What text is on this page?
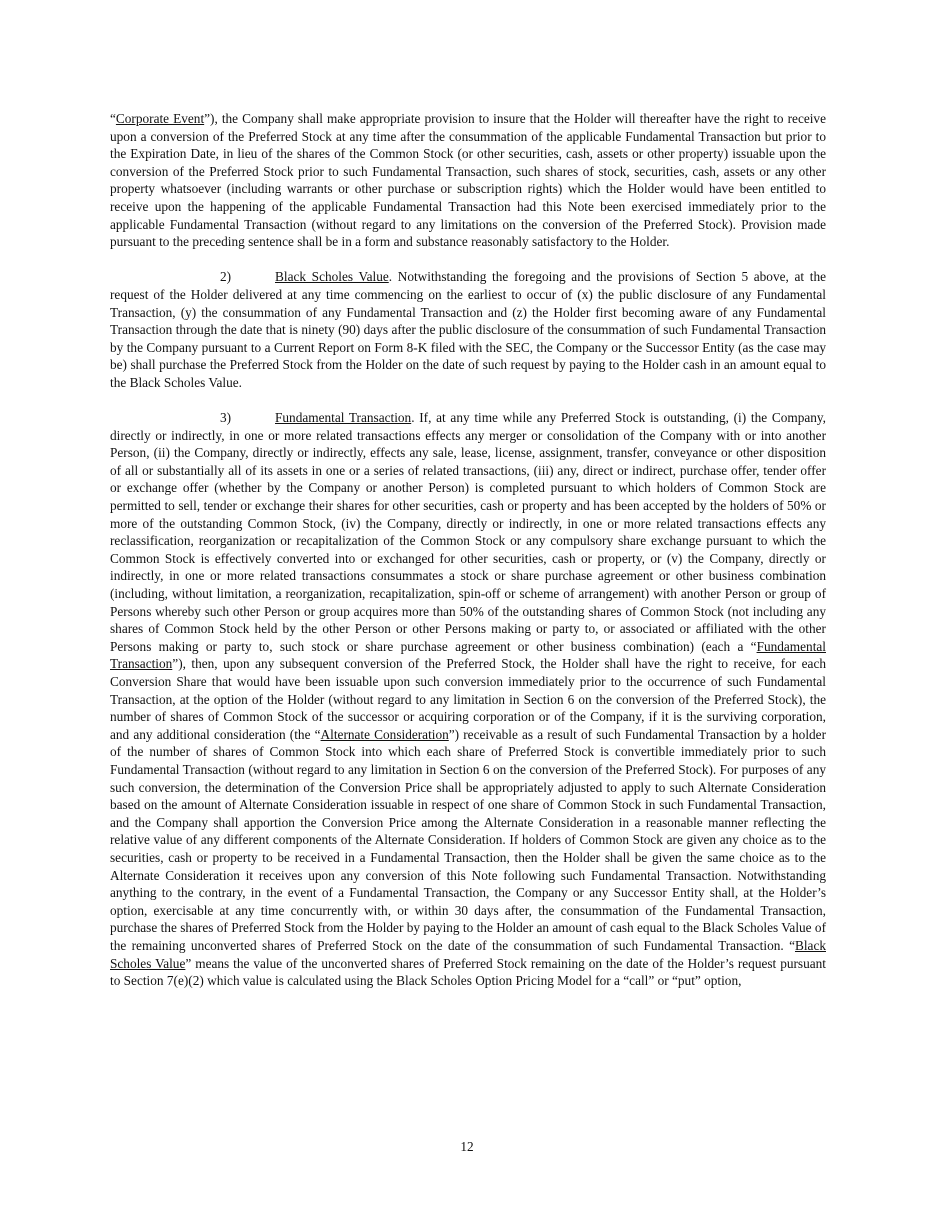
“Corporate Event”), the Company shall make appropriate provision to insure that the Holder will thereafter have the right to receive upon a conversion of the Preferred Stock at any time after the consummation of the applicable Fundamental Transaction but prior to the Expiration Date, in lieu of the shares of the Common Stock (or other securities, cash, assets or other property) issuable upon the conversion of the Preferred Stock prior to such Fundamental Transaction, such shares of stock, securities, cash, assets or any other property whatsoever (including warrants or other purchase or subscription rights) which the Holder would have been entitled to receive upon the happening of the applicable Fundamental Transaction had this Note been exercised immediately prior to the applicable Fundamental Transaction (without regard to any limitations on the conversion of the Preferred Stock). Provision made pursuant to the preceding sentence shall be in a form and substance reasonably satisfactory to the Holder.

2)	Black Scholes Value. Notwithstanding the foregoing and the provisions of Section 5 above, at the request of the Holder delivered at any time commencing on the earliest to occur of (x) the public disclosure of any Fundamental Transaction, (y) the consummation of any Fundamental Transaction and (z) the Holder first becoming aware of any Fundamental Transaction through the date that is ninety (90) days after the public disclosure of the consummation of such Fundamental Transaction by the Company pursuant to a Current Report on Form 8-K filed with the SEC, the Company or the Successor Entity (as the case may be) shall purchase the Preferred Stock from the Holder on the date of such request by paying to the Holder cash in an amount equal to the Black Scholes Value.

3)	Fundamental Transaction. If, at any time while any Preferred Stock is outstanding, (i) the Company, directly or indirectly, in one or more related transactions effects any merger or consolidation of the Company with or into another Person, (ii) the Company, directly or indirectly, effects any sale, lease, license, assignment, transfer, conveyance or other disposition of all or substantially all of its assets in one or a series of related transactions, (iii) any, direct or indirect, purchase offer, tender offer or exchange offer (whether by the Company or another Person) is completed pursuant to which holders of Common Stock are permitted to sell, tender or exchange their shares for other securities, cash or property and has been accepted by the holders of 50% or more of the outstanding Common Stock, (iv) the Company, directly or indirectly, in one or more related transactions effects any reclassification, reorganization or recapitalization of the Common Stock or any compulsory share exchange pursuant to which the Common Stock is effectively converted into or exchanged for other securities, cash or property, or (v) the Company, directly or indirectly, in one or more related transactions consummates a stock or share purchase agreement or other business combination (including, without limitation, a reorganization, recapitalization, spin-off or scheme of arrangement) with another Person or group of Persons whereby such other Person or group acquires more than 50% of the outstanding shares of Common Stock (not including any shares of Common Stock held by the other Person or other Persons making or party to, or associated or affiliated with the other Persons making or party to, such stock or share purchase agreement or other business combination) (each a “Fundamental Transaction”), then, upon any subsequent conversion of the Preferred Stock, the Holder shall have the right to receive, for each Conversion Share that would have been issuable upon such conversion immediately prior to the occurrence of such Fundamental Transaction, at the option of the Holder (without regard to any limitation in Section 6 on the conversion of the Preferred Stock), the number of shares of Common Stock of the successor or acquiring corporation or of the Company, if it is the surviving corporation, and any additional consideration (the “Alternate Consideration”) receivable as a result of such Fundamental Transaction by a holder of the number of shares of Common Stock into which each share of Preferred Stock is convertible immediately prior to such Fundamental Transaction (without regard to any limitation in Section 6 on the conversion of the Preferred Stock). For purposes of any such conversion, the determination of the Conversion Price shall be appropriately adjusted to apply to such Alternate Consideration based on the amount of Alternate Consideration issuable in respect of one share of Common Stock in such Fundamental Transaction, and the Company shall apportion the Conversion Price among the Alternate Consideration in a reasonable manner reflecting the relative value of any different components of the Alternate Consideration. If holders of Common Stock are given any choice as to the securities, cash or property to be received in a Fundamental Transaction, then the Holder shall be given the same choice as to the Alternate Consideration it receives upon any conversion of this Note following such Fundamental Transaction. Notwithstanding anything to the contrary, in the event of a Fundamental Transaction, the Company or any Successor Entity shall, at the Holder’s option, exercisable at any time concurrently with, or within 30 days after, the consummation of the Fundamental Transaction, purchase the shares of Preferred Stock from the Holder by paying to the Holder an amount of cash equal to the Black Scholes Value of the remaining unconverted shares of Preferred Stock on the date of the consummation of such Fundamental Transaction. “Black Scholes Value” means the value of the unconverted shares of Preferred Stock remaining on the date of the Holder’s request pursuant to Section 7(e)(2) which value is calculated using the Black Scholes Option Pricing Model for a “call” or “put” option,

12
